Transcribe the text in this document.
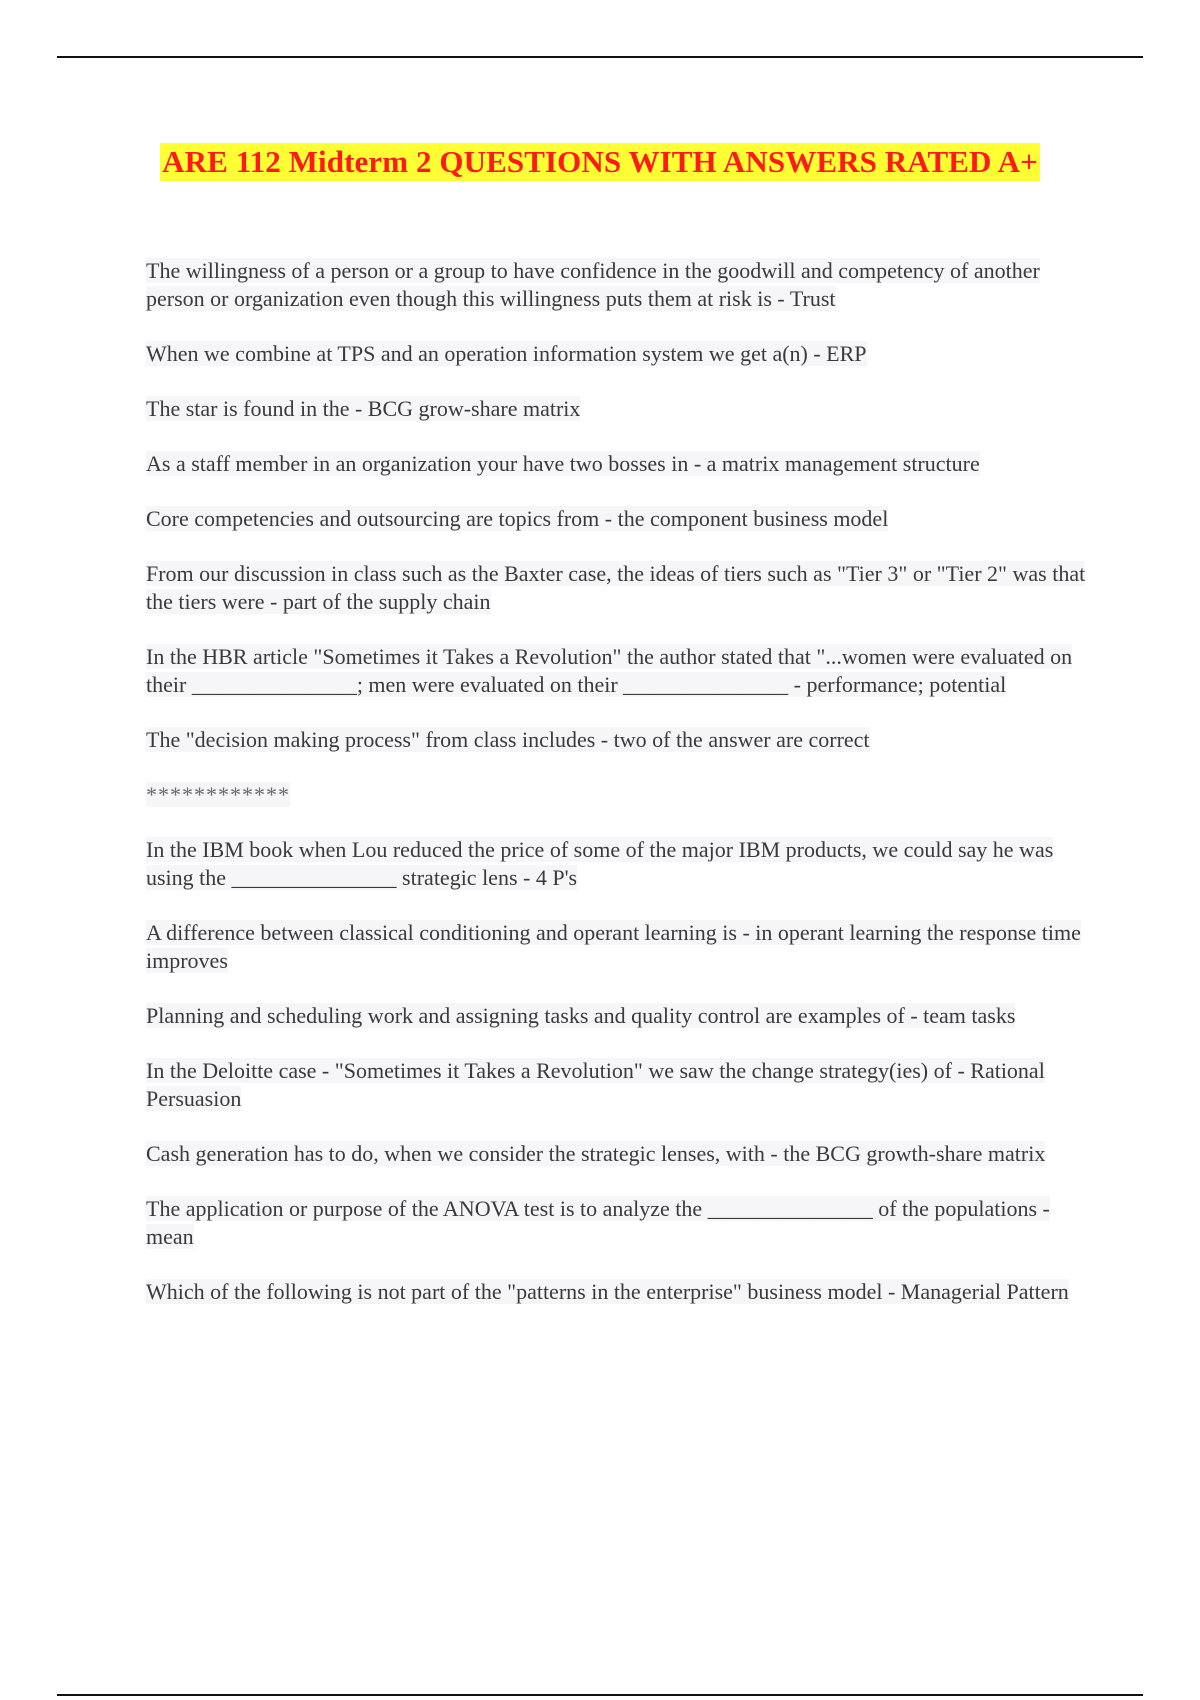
ARE 112 Midterm 2 QUESTIONS WITH ANSWERS RATED A+
The willingness of a person or a group to have confidence in the goodwill and competency of another person or organization even though this willingness puts them at risk is - Trust
When we combine at TPS and an operation information system we get a(n) - ERP
The star is found in the - BCG grow-share matrix
As a staff member in an organization your have two bosses in - a matrix management structure
Core competencies and outsourcing are topics from - the component business model
From our discussion in class such as the Baxter case, the ideas of tiers such as "Tier 3" or "Tier 2" was that the tiers were - part of the supply chain
In the HBR article "Sometimes it Takes a Revolution" the author stated that "...women were evaluated on their _______________; men were evaluated on their _______________ - performance; potential
The "decision making process" from class includes - two of the answer are correct
************
In the IBM book when Lou reduced the price of some of the major IBM products, we could say he was using the _______________ strategic lens - 4 P's
A difference between classical conditioning and operant learning is - in operant learning the response time improves
Planning and scheduling work and assigning tasks and quality control are examples of - team tasks
In the Deloitte case - "Sometimes it Takes a Revolution" we saw the change strategy(ies) of - Rational Persuasion
Cash generation has to do, when we consider the strategic lenses, with - the BCG growth-share matrix
The application or purpose of the ANOVA test is to analyze the _______________ of the populations - mean
Which of the following is not part of the "patterns in the enterprise" business model - Managerial Pattern
